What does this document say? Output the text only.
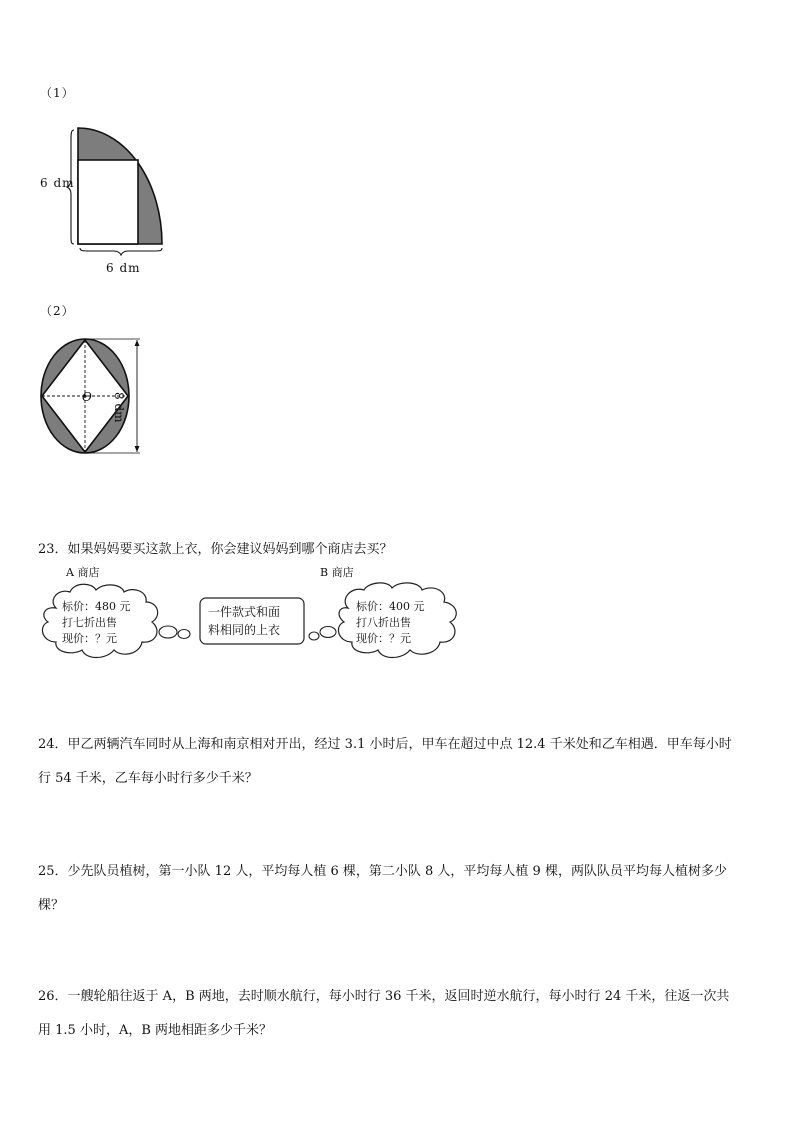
（1）
6 dm
6 dm
（2）
O 8 dm
23．如果妈妈要买这款上衣，你会建议妈妈到哪个商店去买？
A 商店	B 商店
标价：480 元
打七折出售
现价：？元
一件款式和面
料相同的上衣
标价：400 元
打八折出售
现价：？元
24．甲乙两辆汽车同时从上海和南京相对开出，经过 3.1 小时后，甲车在超过中点 12.4 千米处和乙车相遇．甲车每小时行 54 千米，乙车每小时行多少千米？
25．少先队员植树，第一小队 12 人，平均每人植 6 棵，第二小队 8 人，平均每人植 9 棵，两队队员平均每人植树多少棵？
26．一艘轮船往返于 A，B 两地，去时顺水航行，每小时行 36 千米，返回时逆水航行，每小时行 24 千米，往返一次共用 1.5 小时，A，B 两地相距多少千米？
